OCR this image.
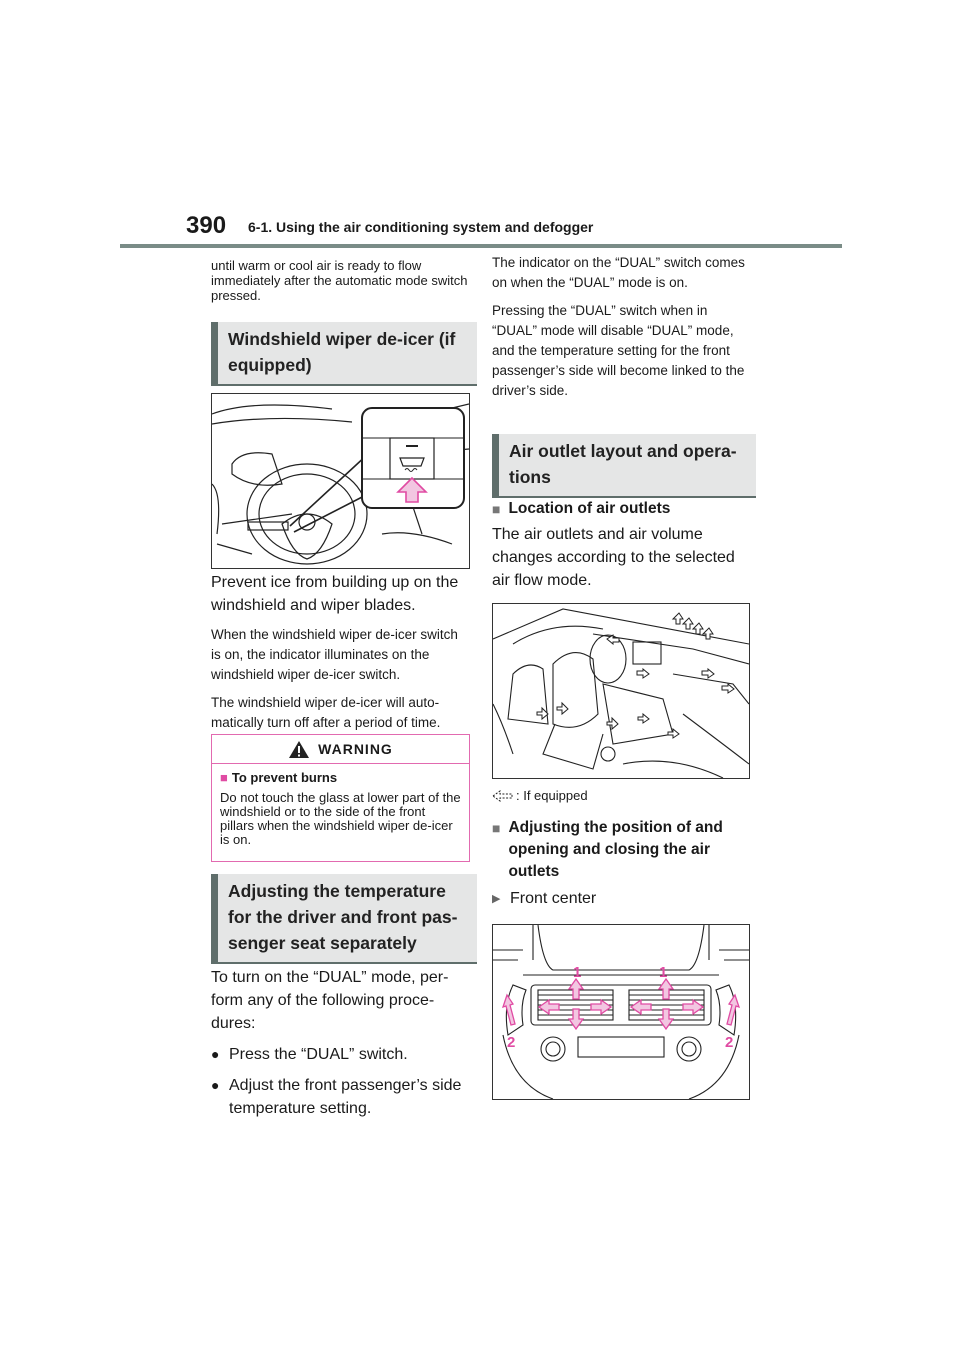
390 6-1. Using the air conditioning system and defogger

until warm or cool air is ready to flow immediately after the automatic mode switch pressed.

Windshield wiper de-icer (if equipped)

Prevent ice from building up on the windshield and wiper blades.

When the windshield wiper de-icer switch is on, the indicator illuminates on the windshield wiper de-icer switch.

The windshield wiper de-icer will auto-matically turn off after a period of time.

WARNING
■ To prevent burns
Do not touch the glass at lower part of the windshield or to the side of the front pillars when the windshield wiper de-icer is on.
Adjusting the temperature for the driver and front pas-senger seat separately

To turn on the “DUAL” mode, per-form any of the following proce-dures:

● Press the “DUAL” switch.
● Adjust the front passenger’s side temperature setting.

The indicator on the “DUAL” switch comes on when the “DUAL” mode is on.

Pressing the “DUAL” switch when in “DUAL” mode will disable “DUAL” mode, and the temperature setting for the front passenger’s side will become linked to the driver’s side.

Air outlet layout and opera-tions
■ Location of air outlets

The air outlets and air volume changes according to the selected air flow mode.

: If equipped
■ Adjusting the position of and opening and closing the air outlets
▶ Front center
1	1
2	2
